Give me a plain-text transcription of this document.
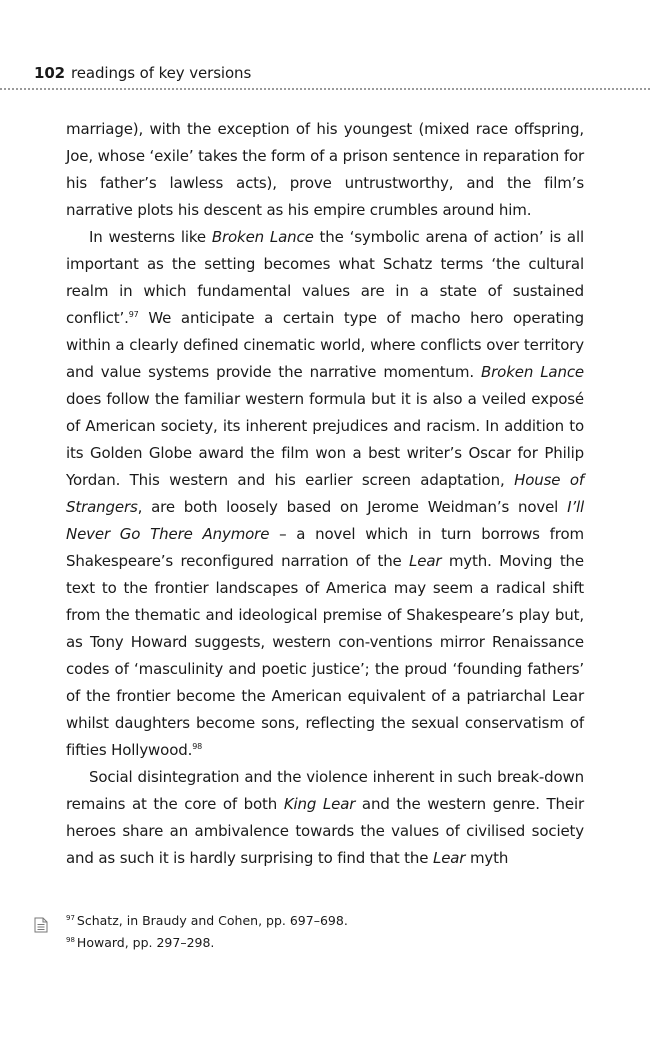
102 readings of key versions

marriage), with the exception of his youngest (mixed race offspring, Joe, whose ‘exile’ takes the form of a prison sentence in reparation for his father’s lawless acts), prove untrustworthy, and the film’s narrative plots his descent as his empire crumbles around him.

In westerns like Broken Lance the ‘symbolic arena of action’ is all important as the setting becomes what Schatz terms ‘the cultural realm in which fundamental values are in a state of sustained conflict’.$^{97}$ We anticipate a certain type of macho hero operating within a clearly defined cinematic world, where conflicts over territory and value systems provide the narrative momentum. Broken Lance does follow the familiar western formula but it is also a veiled exposé of American society, its inherent prejudices and racism. In addition to its Golden Globe award the film won a best writer’s Oscar for Philip Yordan. This western and his earlier screen adaptation, House of Strangers, are both loosely based on Jerome Weidman’s novel I’ll Never Go There Anymore – a novel which in turn borrows from Shakespeare’s reconfigured narration of the Lear myth. Moving the text to the frontier landscapes of America may seem a radical shift from the thematic and ideological premise of Shakespeare’s play but, as Tony Howard suggests, western con-ventions mirror Renaissance codes of ‘masculinity and poetic justice’; the proud ‘founding fathers’ of the frontier become the American equivalent of a patriarchal Lear whilst daughters become sons, reflecting the sexual conservatism of fifties Hollywood.$^{98}$

Social disintegration and the violence inherent in such break-down remains at the core of both King Lear and the western genre. Their heroes share an ambivalence towards the values of civilised society and as such it is hardly surprising to find that the Lear myth

$^{97}$ Schatz, in Braudy and Cohen, pp. 697–698.
$^{98}$ Howard, pp. 297–298.
